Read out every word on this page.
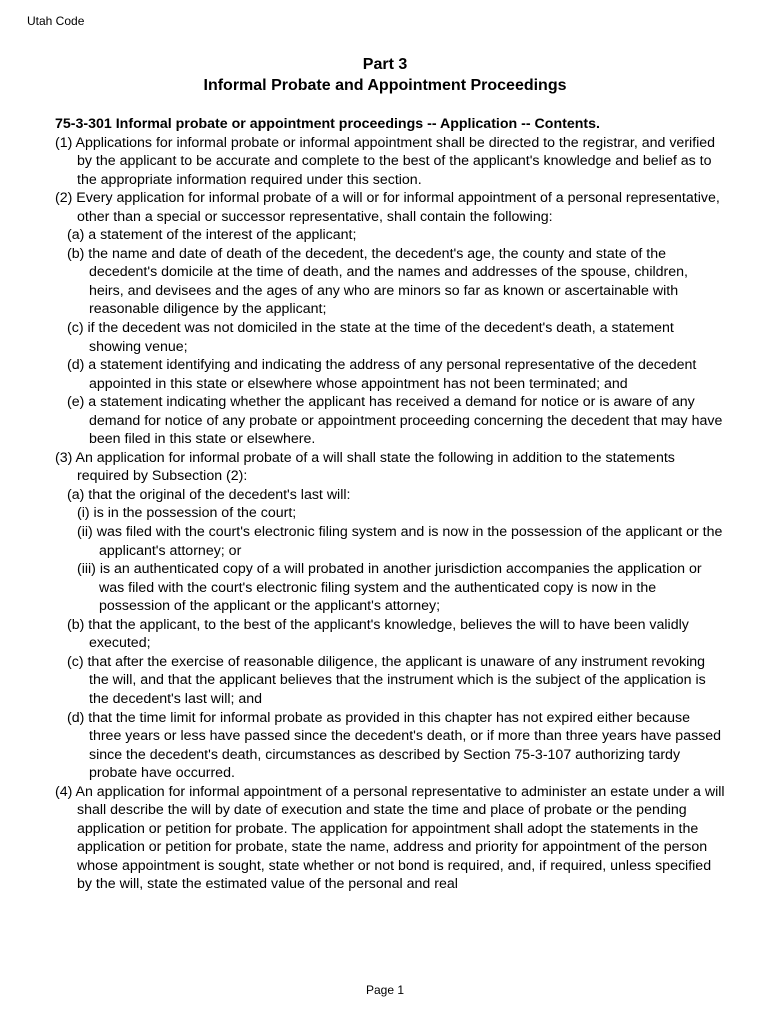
Utah Code
Part 3
Informal Probate and Appointment Proceedings
75-3-301 Informal probate or appointment proceedings -- Application -- Contents.
(1) Applications for informal probate or informal appointment shall be directed to the registrar, and verified by the applicant to be accurate and complete to the best of the applicant's knowledge and belief as to the appropriate information required under this section.
(2) Every application for informal probate of a will or for informal appointment of a personal representative, other than a special or successor representative, shall contain the following:
(a) a statement of the interest of the applicant;
(b) the name and date of death of the decedent, the decedent's age, the county and state of the decedent's domicile at the time of death, and the names and addresses of the spouse, children, heirs, and devisees and the ages of any who are minors so far as known or ascertainable with reasonable diligence by the applicant;
(c) if the decedent was not domiciled in the state at the time of the decedent's death, a statement showing venue;
(d) a statement identifying and indicating the address of any personal representative of the decedent appointed in this state or elsewhere whose appointment has not been terminated; and
(e) a statement indicating whether the applicant has received a demand for notice or is aware of any demand for notice of any probate or appointment proceeding concerning the decedent that may have been filed in this state or elsewhere.
(3) An application for informal probate of a will shall state the following in addition to the statements required by Subsection (2):
(a) that the original of the decedent's last will:
(i) is in the possession of the court;
(ii) was filed with the court's electronic filing system and is now in the possession of the applicant or the applicant's attorney; or
(iii) is an authenticated copy of a will probated in another jurisdiction accompanies the application or was filed with the court's electronic filing system and the authenticated copy is now in the possession of the applicant or the applicant's attorney;
(b) that the applicant, to the best of the applicant's knowledge, believes the will to have been validly executed;
(c) that after the exercise of reasonable diligence, the applicant is unaware of any instrument revoking the will, and that the applicant believes that the instrument which is the subject of the application is the decedent's last will; and
(d) that the time limit for informal probate as provided in this chapter has not expired either because three years or less have passed since the decedent's death, or if more than three years have passed since the decedent's death, circumstances as described by Section 75-3-107 authorizing tardy probate have occurred.
(4) An application for informal appointment of a personal representative to administer an estate under a will shall describe the will by date of execution and state the time and place of probate or the pending application or petition for probate. The application for appointment shall adopt the statements in the application or petition for probate, state the name, address and priority for appointment of the person whose appointment is sought, state whether or not bond is required, and, if required, unless specified by the will, state the estimated value of the personal and real
Page 1
